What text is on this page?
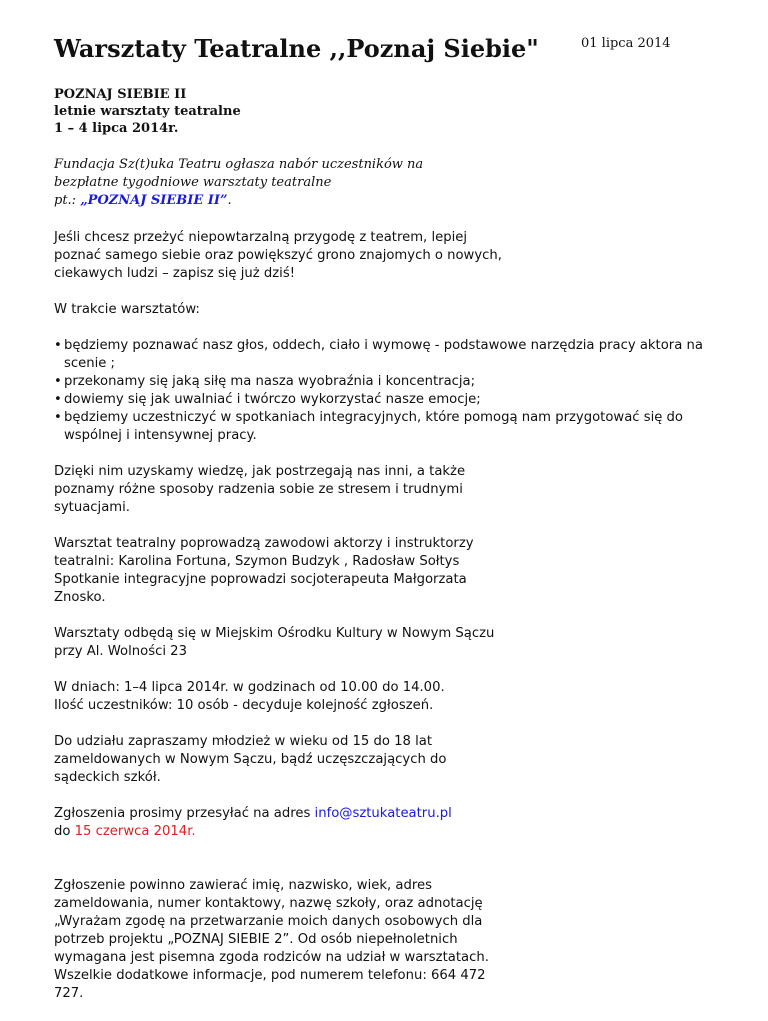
Warsztaty Teatralne ,,Poznaj Siebie"	01 lipca 2014
POZNAJ SIEBIE II
letnie warsztaty teatralne
1 – 4 lipca 2014r.
Fundacja Sz(t)uka Teatru ogłasza nabór uczestników na
bezpłatne tygodniowe warsztaty teatralne
pt.: „POZNAJ SIEBIE II”.

Jeśli chcesz przeżyć niepowtarzalną przygodę z teatrem, lepiej poznać samego siebie oraz powiększyć grono znajomych o nowych, ciekawych ludzi – zapisz się już dziś!

W trakcie warsztatów:

• będziemy poznawać nasz głos, oddech, ciało i wymowę - podstawowe narzędzia pracy aktora na scenie ;
• przekonamy się jaką siłę ma nasza wyobraźnia i koncentracja;
• dowiemy się jak uwalniać i twórczo wykorzystać nasze emocje;
• będziemy uczestniczyć w spotkaniach integracyjnych, które pomogą nam przygotować się do wspólnej i intensywnej pracy.

Dzięki nim uzyskamy wiedzę, jak postrzegają nas inni, a także poznamy różne sposoby radzenia sobie ze stresem i trudnymi sytuacjami.

Warsztat teatralny poprowadzą zawodowi aktorzy i instruktorzy teatralni: Karolina Fortuna, Szymon Budzyk , Radosław Sołtys Spotkanie integracyjne poprowadzi socjoterapeuta Małgorzata Znosko.

Warsztaty odbędą się w Miejskim Ośrodku Kultury w Nowym Sączu przy Al. Wolności 23

W dniach: 1–4 lipca 2014r. w godzinach od 10.00 do 14.00.
Ilość uczestników: 10 osób - decyduje kolejność zgłoszeń.

Do udziału zapraszamy młodzież w wieku od 15 do 18 lat zameldowanych w Nowym Sączu, bądź uczęszczających do sądeckich szkół.

Zgłoszenia prosimy przesyłać na adres info@sztukateatru.pl
do 15 czerwca 2014r.

Zgłoszenie powinno zawierać imię, nazwisko, wiek, adres zameldowania, numer kontaktowy, nazwę szkoły, oraz adnotację „Wyrażam zgodę na przetwarzanie moich danych osobowych dla potrzeb projektu „POZNAJ SIEBIE 2”. Od osób niepełnoletnich wymagana jest pisemna zgoda rodziców na udział w warsztatach. Wszelkie dodatkowe informacje, pod numerem telefonu: 664 472 727.
